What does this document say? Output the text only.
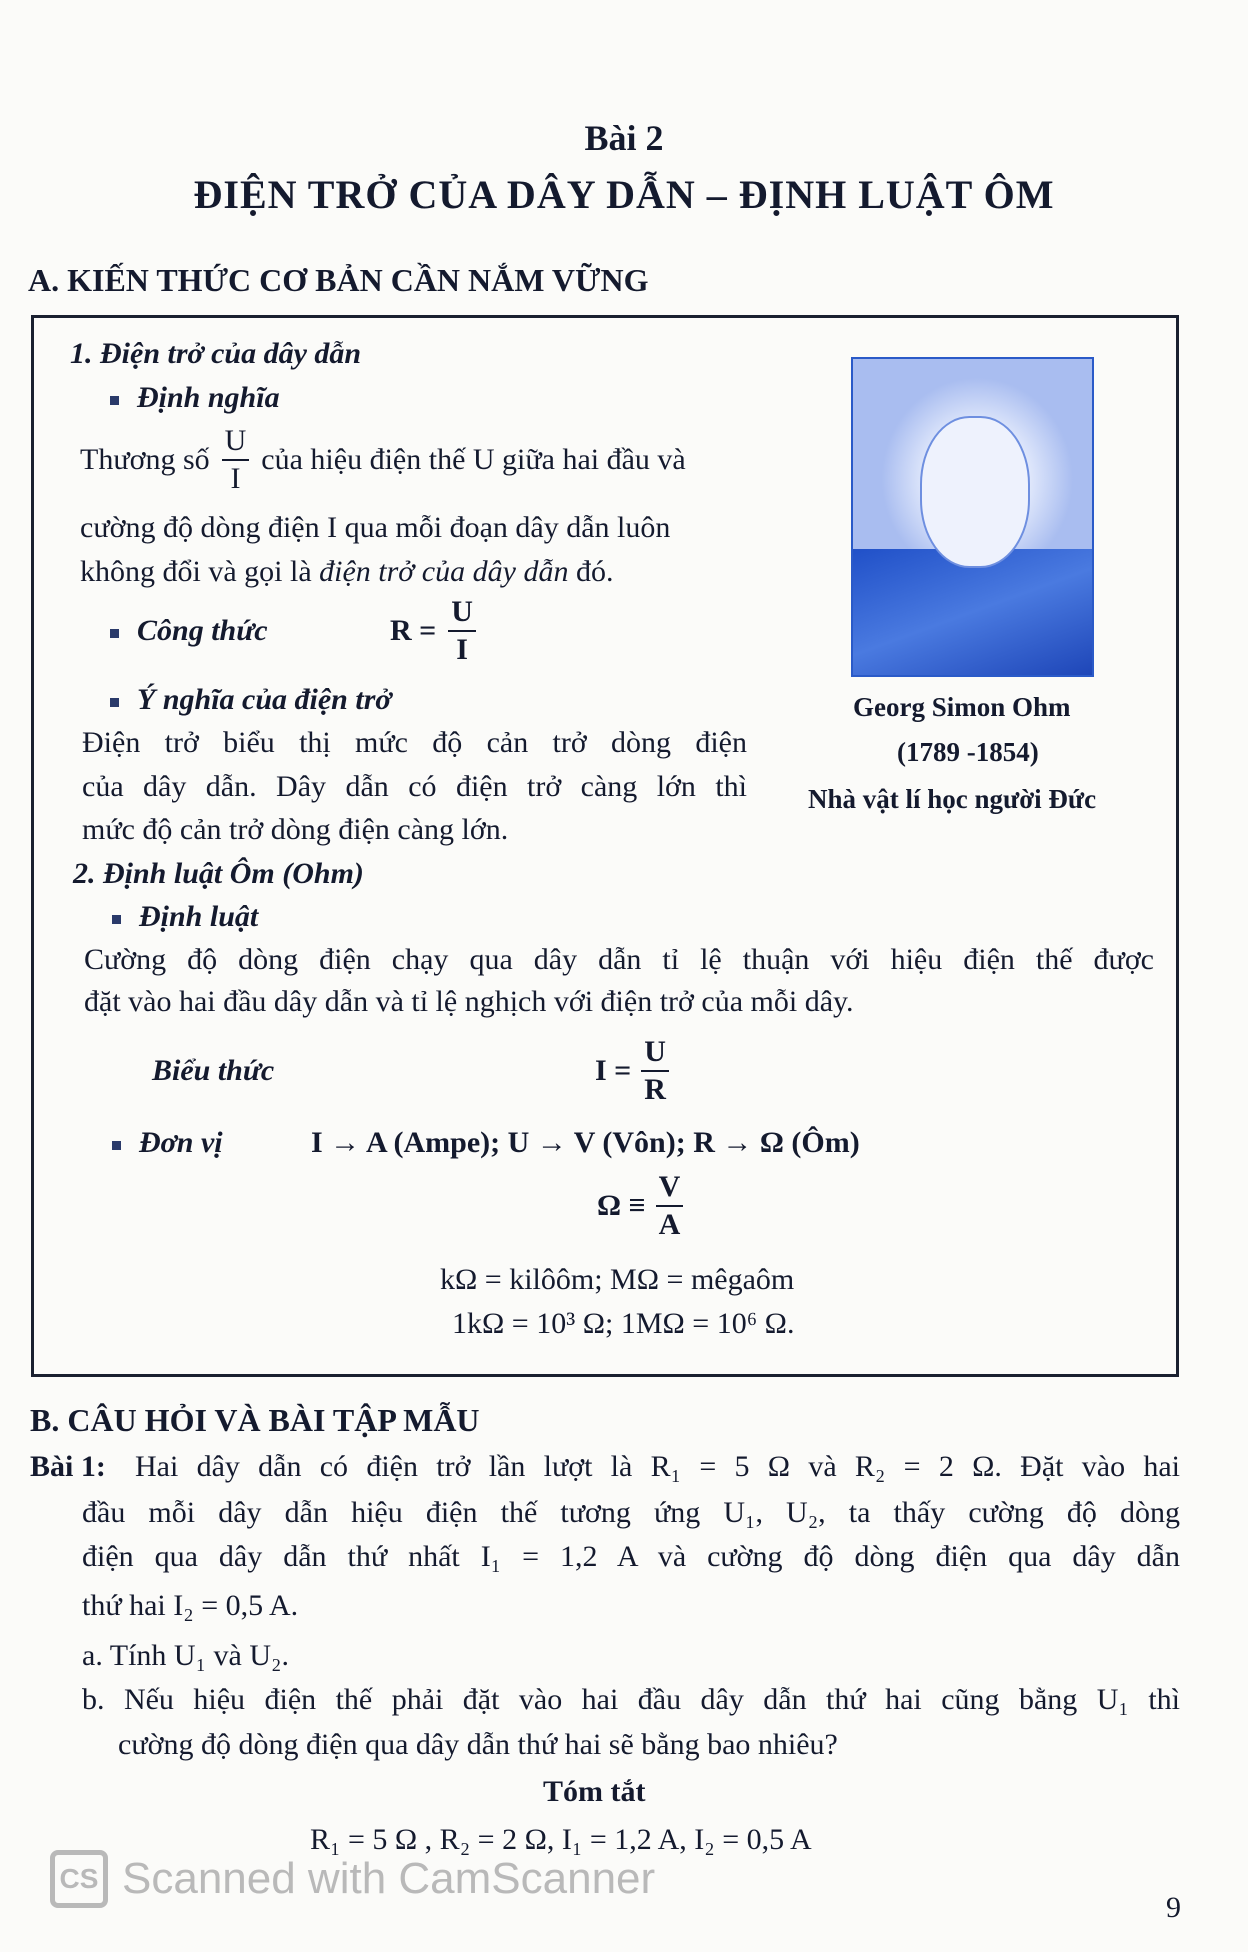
Bài 2
ĐIỆN TRỞ CỦA DÂY DẪN – ĐỊNH LUẬT ÔM
A. KIẾN THỨC CƠ BẢN CẦN NẮM VỮNG
Georg Simon Ohm
(1789 -1854)
Nhà vật lí học người Đức
1. Điện trở của dây dẫn
Định nghĩa
Thương số $\frac{U}{I}$ của hiệu điện thế U giữa hai đầu và
cường độ dòng điện I qua mỗi đoạn dây dẫn luôn
không đổi và gọi là điện trở của dây dẫn đó.
Công thức	$R = \frac{U}{I}$
Ý nghĩa của điện trở
Điện trở biểu thị mức độ cản trở dòng điện
của dây dẫn. Dây dẫn có điện trở càng lớn thì
mức độ cản trở dòng điện càng lớn.
2. Định luật Ôm (Ohm)
Định luật
Cường độ dòng điện chạy qua dây dẫn tỉ lệ thuận với hiệu điện thế được
đặt vào hai đầu dây dẫn và tỉ lệ nghịch với điện trở của mỗi dây.
Biểu thức	$I = \frac{U}{R}$
Đơn vị	I → A (Ampe); U → V (Vôn); R → Ω (Ôm)
$\Omega \equiv \frac{V}{A}$
kΩ = kilôôm; MΩ = mêgaôm
1kΩ = 10³ Ω; 1MΩ = 10⁶ Ω.
B. CÂU HỎI VÀ BÀI TẬP MẪU
Bài 1: Hai dây dẫn có điện trở lần lượt là R₁ = 5 Ω và R₂ = 2 Ω. Đặt vào hai
đầu mỗi dây dẫn hiệu điện thế tương ứng U₁, U₂, ta thấy cường độ dòng
điện qua dây dẫn thứ nhất I₁ = 1,2 A và cường độ dòng điện qua dây dẫn
thứ hai I₂ = 0,5 A.
a. Tính U₁ và U₂.
b. Nếu hiệu điện thế phải đặt vào hai đầu dây dẫn thứ hai cũng bằng U₁ thì
cường độ dòng điện qua dây dẫn thứ hai sẽ bằng bao nhiêu?
Tóm tắt
R₁ = 5 Ω , R₂ = 2 Ω, I₁ = 1,2 A, I₂ = 0,5 A
CS Scanned with CamScanner
9
